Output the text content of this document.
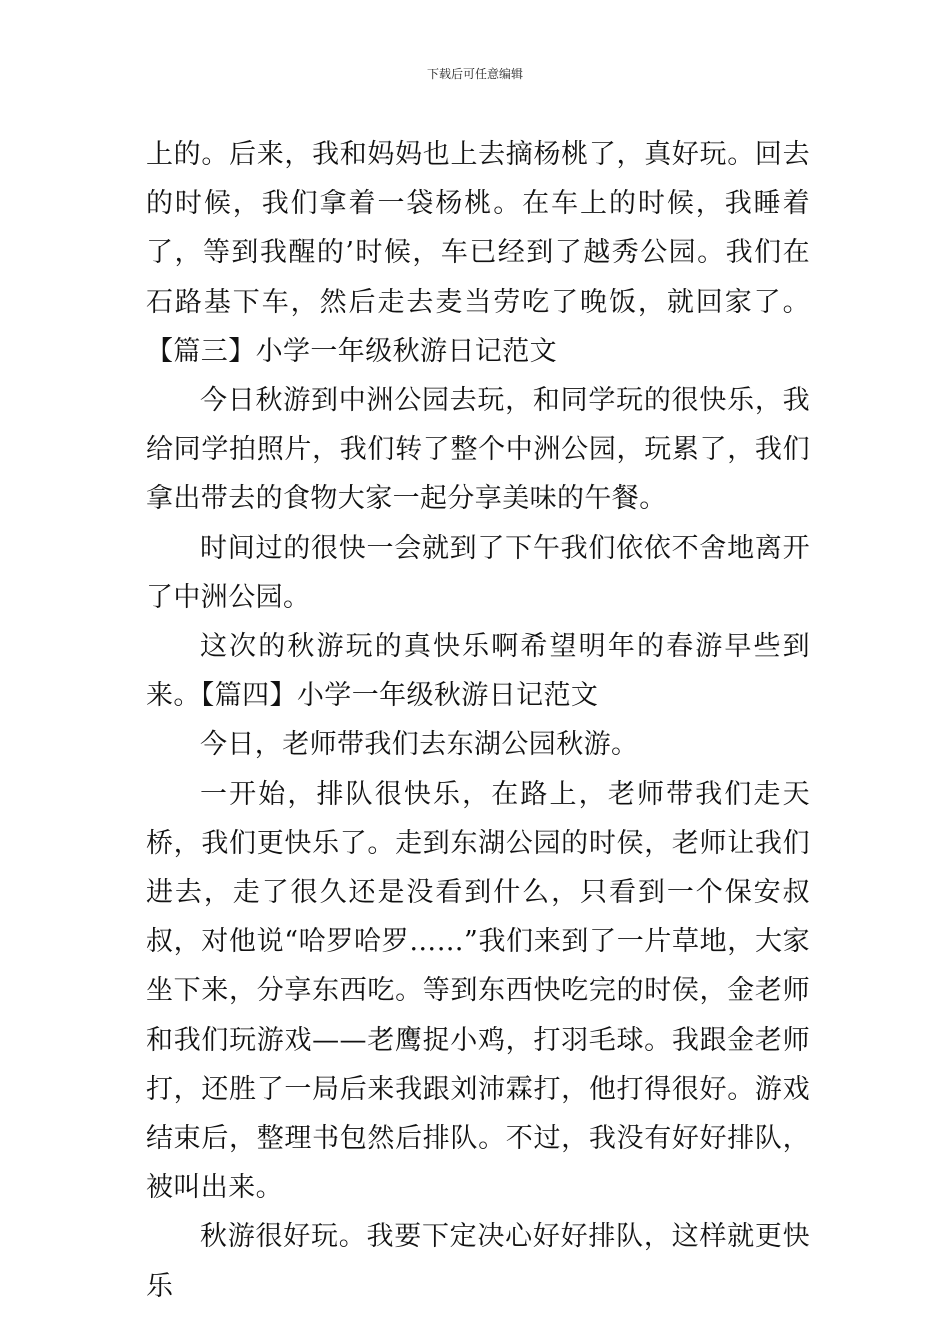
下载后可任意编辑

上的。后来，我和妈妈也上去摘杨桃了，真好玩。回去的时候，我们拿着一袋杨桃。在车上的时候，我睡着了，等到我醒的’时候，车已经到了越秀公园。我们在石路基下车，然后走去麦当劳吃了晚饭，就回家了。【篇三】小学一年级秋游日记范文

今日秋游到中洲公园去玩，和同学玩的很快乐，我给同学拍照片，我们转了整个中洲公园，玩累了，我们拿出带去的食物大家一起分享美味的午餐。

时间过的很快一会就到了下午我们依依不舍地离开了中洲公园。

这次的秋游玩的真快乐啊希望明年的春游早些到来。【篇四】小学一年级秋游日记范文

今日，老师带我们去东湖公园秋游。

一开始，排队很快乐，在路上，老师带我们走天桥，我们更快乐了。走到东湖公园的时侯，老师让我们进去，走了很久还是没看到什么，只看到一个保安叔叔，对他说“哈罗哈罗……”我们来到了一片草地，大家坐下来，分享东西吃。等到东西快吃完的时侯，金老师和我们玩游戏——老鹰捉小鸡，打羽毛球。我跟金老师打，还胜了一局后来我跟刘沛霖打，他打得很好。游戏结束后，整理书包然后排队。不过，我没有好好排队，被叫出来。

秋游很好玩。我要下定决心好好排队，这样就更快乐
